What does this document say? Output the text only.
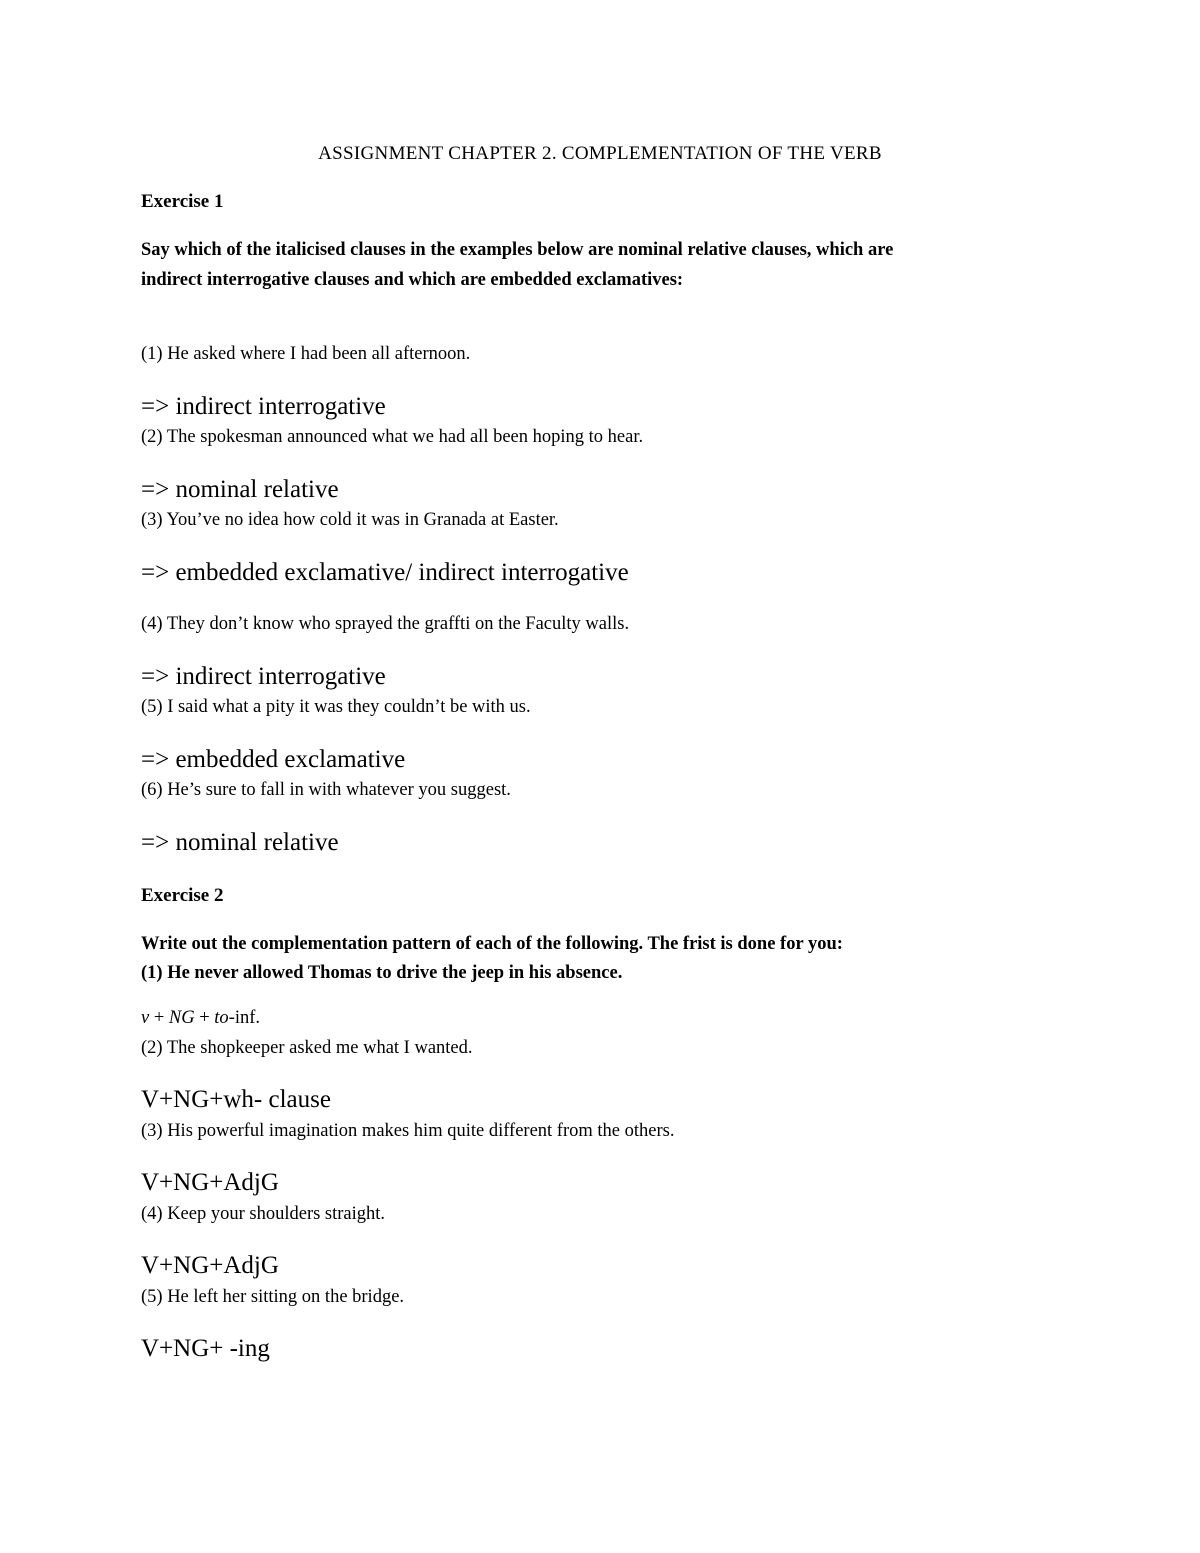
ASSIGNMENT CHAPTER 2. COMPLEMENTATION OF THE VERB

Exercise 1

Say which of the italicised clauses in the examples below are nominal relative clauses, which are

indirect interrogative clauses and which are embedded exclamatives:

(1) He asked where I had been all afternoon.

=> indirect interrogative

(2) The spokesman announced what we had all been hoping to hear.

=> nominal relative

(3) You’ve no idea how cold it was in Granada at Easter.

=> embedded exclamative/ indirect interrogative

(4) They don’t know who sprayed the graffti on the Faculty walls.

=> indirect interrogative

(5) I said what a pity it was they couldn’t be with us.

=> embedded exclamative

(6) He’s sure to fall in with whatever you suggest.

=> nominal relative

Exercise 2

Write out the complementation pattern of each of the following. The frist is done for you:

(1) He never allowed Thomas to drive the jeep in his absence.

v + NG + to-inf.

(2) The shopkeeper asked me what I wanted.

V+NG+wh- clause

(3) His powerful imagination makes him quite different from the others.

V+NG+AdjG

(4) Keep your shoulders straight.

V+NG+AdjG

(5) He left her sitting on the bridge.

V+NG+ -ing
